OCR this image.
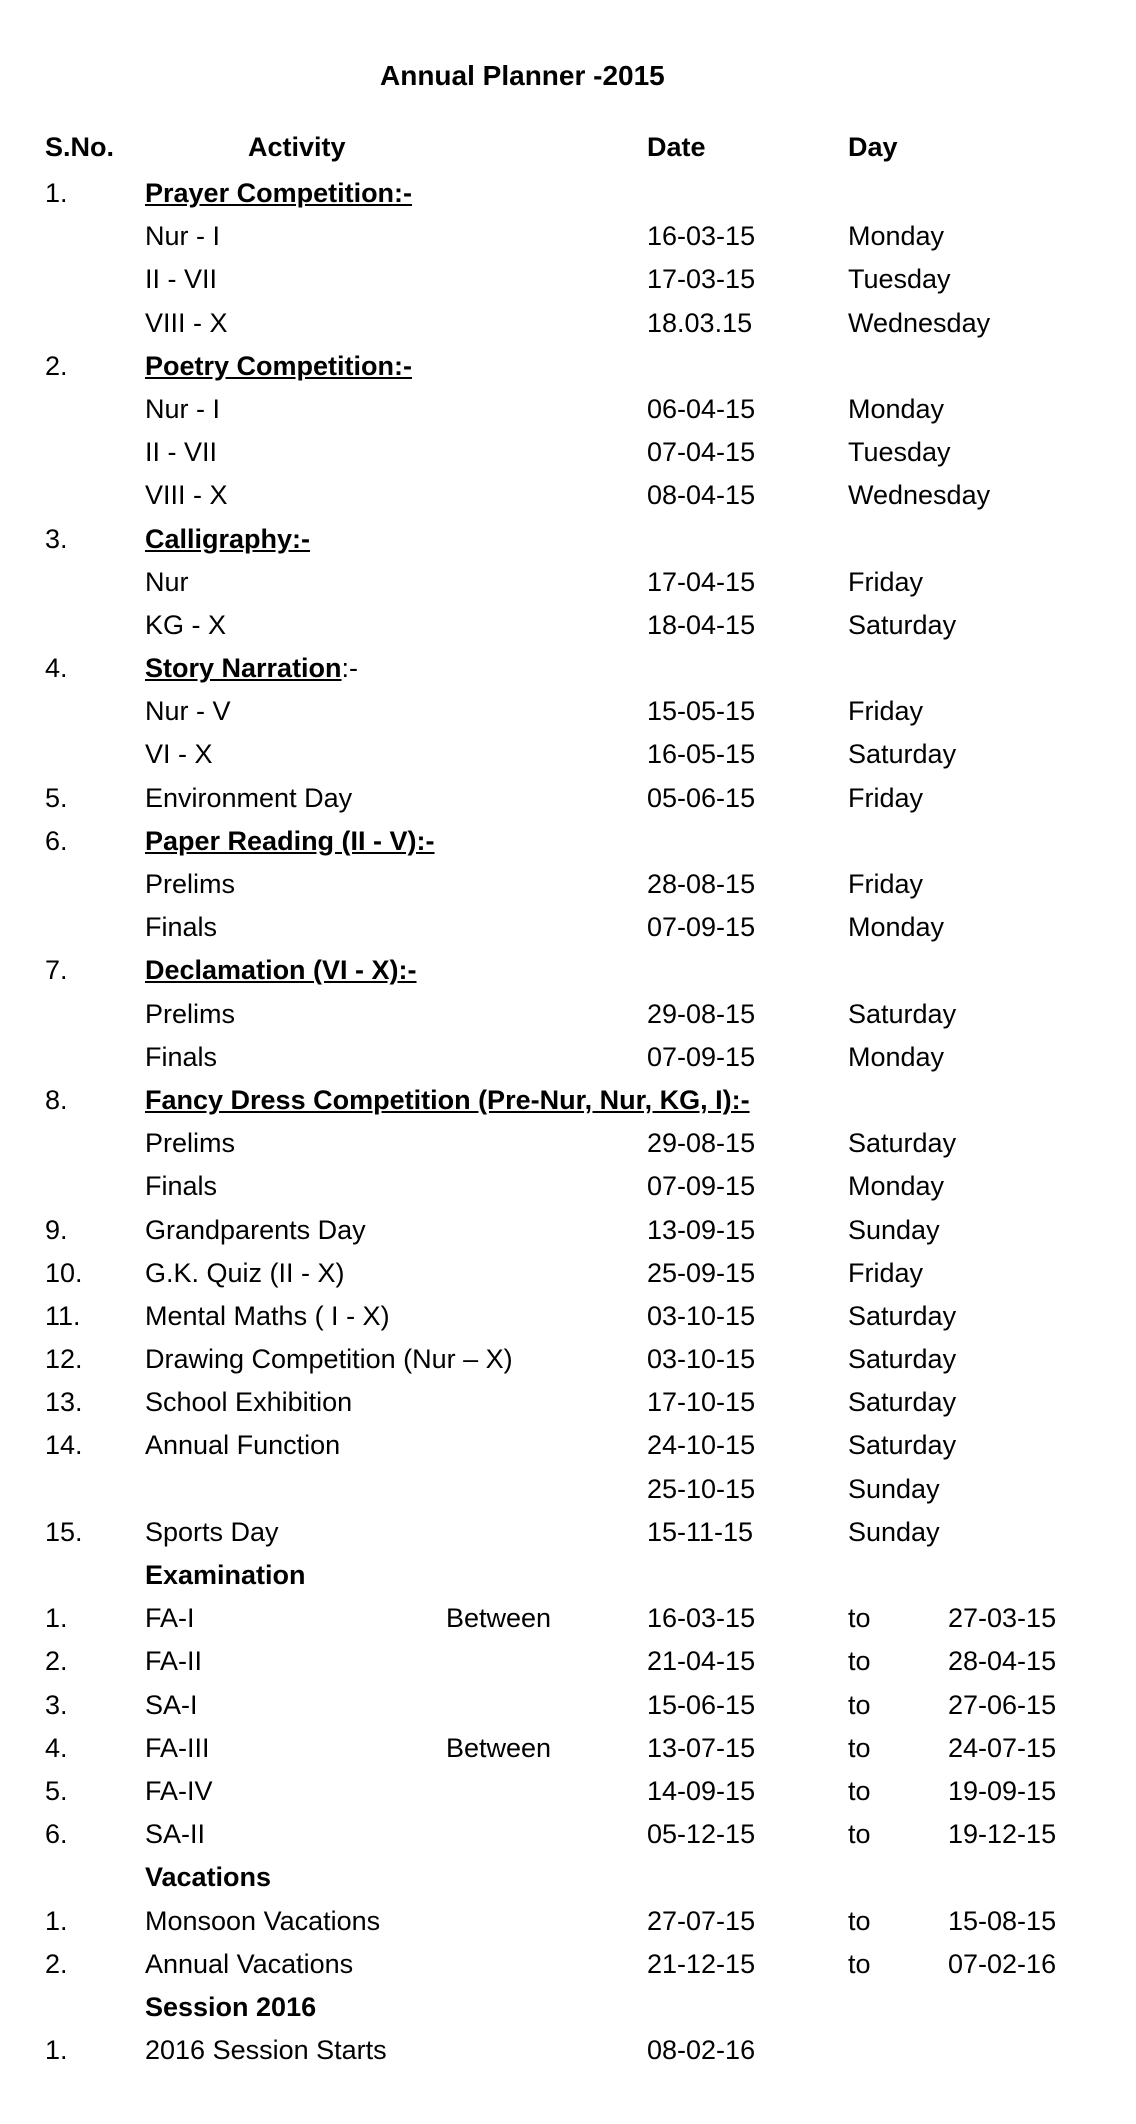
Annual Planner -2015
S.No.	Activity	Date	Day
1.	Prayer Competition:-
Nur - I	16-03-15	Monday
II - VII	17-03-15	Tuesday
VIII - X	18.03.15	Wednesday
2.	Poetry Competition:-
Nur - I	06-04-15	Monday
II - VII	07-04-15	Tuesday
VIII - X	08-04-15	Wednesday
3.	Calligraphy:-
Nur	17-04-15	Friday
KG - X	18-04-15	Saturday
4.	Story Narration:-
Nur - V	15-05-15	Friday
VI - X	16-05-15	Saturday
5.	Environment Day	05-06-15	Friday
6.	Paper Reading (II - V):-
Prelims	28-08-15	Friday
Finals	07-09-15	Monday
7.	Declamation (VI - X):-
Prelims	29-08-15	Saturday
Finals	07-09-15	Monday
8.	Fancy Dress Competition (Pre-Nur, Nur, KG, I):-
Prelims	29-08-15	Saturday
Finals	07-09-15	Monday
9.	Grandparents Day	13-09-15	Sunday
10. G.K. Quiz (II - X)	25-09-15	Friday
11. Mental Maths ( I - X)	03-10-15	Saturday
12. Drawing Competition (Nur – X)	03-10-15	Saturday
13. School Exhibition	17-10-15	Saturday
14. Annual Function	24-10-15	Saturday
25-10-15	Sunday
15. Sports Day	15-11-15	Sunday
Examination
1.	FA-I	Between	16-03-15	to	27-03-15
2.	FA-II	21-04-15	to	28-04-15
3.	SA-I	15-06-15	to	27-06-15
4.	FA-III	Between	13-07-15	to	24-07-15
5.	FA-IV	14-09-15	to	19-09-15
6.	SA-II	05-12-15	to	19-12-15
Vacations
1.	Monsoon Vacations	27-07-15	to	15-08-15
2.	Annual Vacations	21-12-15	to	07-02-16
Session 2016
1.	2016 Session Starts	08-02-16
